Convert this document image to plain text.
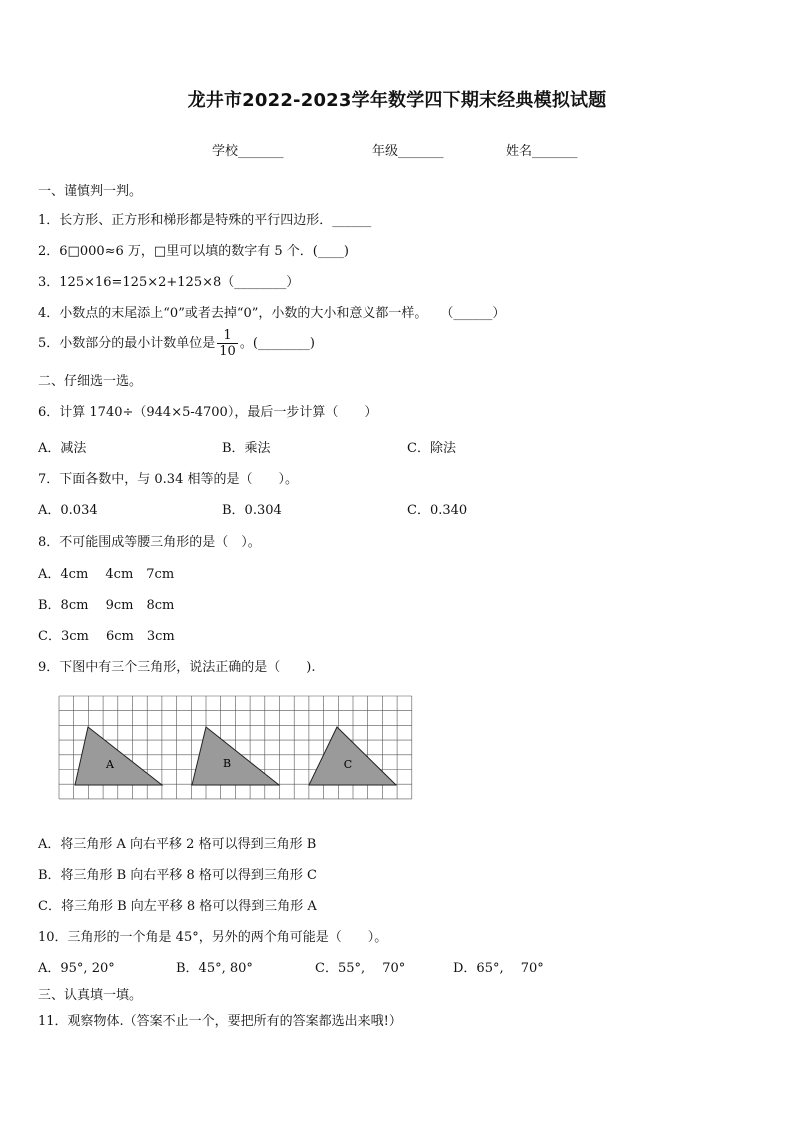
龙井市2022-2023学年数学四下期末经典模拟试题
学校_______	年级_______	姓名_______
一、谨慎判一判。
1．长方形、正方形和梯形都是特殊的平行四边形．______
2．6□000≈6 万，□里可以填的数字有 5 个．(____)
3．125×16=125×2+125×8（________）
4．小数点的末尾添上“0”或者去掉“0”，小数的大小和意义都一样。　　（______）
5．小数部分的最小计数单位是 $\frac{1}{10}$ 。(________)
二、仔细选一选。
6．计算 1740÷（944×5-4700），最后一步计算（　　）
A．减法	B．乘法	C．除法
7．下面各数中，与 0.34 相等的是（　　）。
A．0.034	B．0.304	C．0.340
8．不可能围成等腰三角形的是（　）。
A．4cm　 4cm　7cm
B．8cm　 9cm　8cm
C．3cm　 6cm　3cm
9．下图中有三个三角形，说法正确的是（　　).
A	B	C
A．将三角形 A 向右平移 2 格可以得到三角形 B
B．将三角形 B 向右平移 8 格可以得到三角形 C
C．将三角形 B 向左平移 8 格可以得到三角形 A
10．三角形的一个角是 45°，另外的两个角可能是（　　）。
A．95°, 20°	B．45°, 80°	C．55°,　 70°	D．65°,　 70°
三、认真填一填。
11．观察物体.（答案不止一个，要把所有的答案都选出来哦!）
